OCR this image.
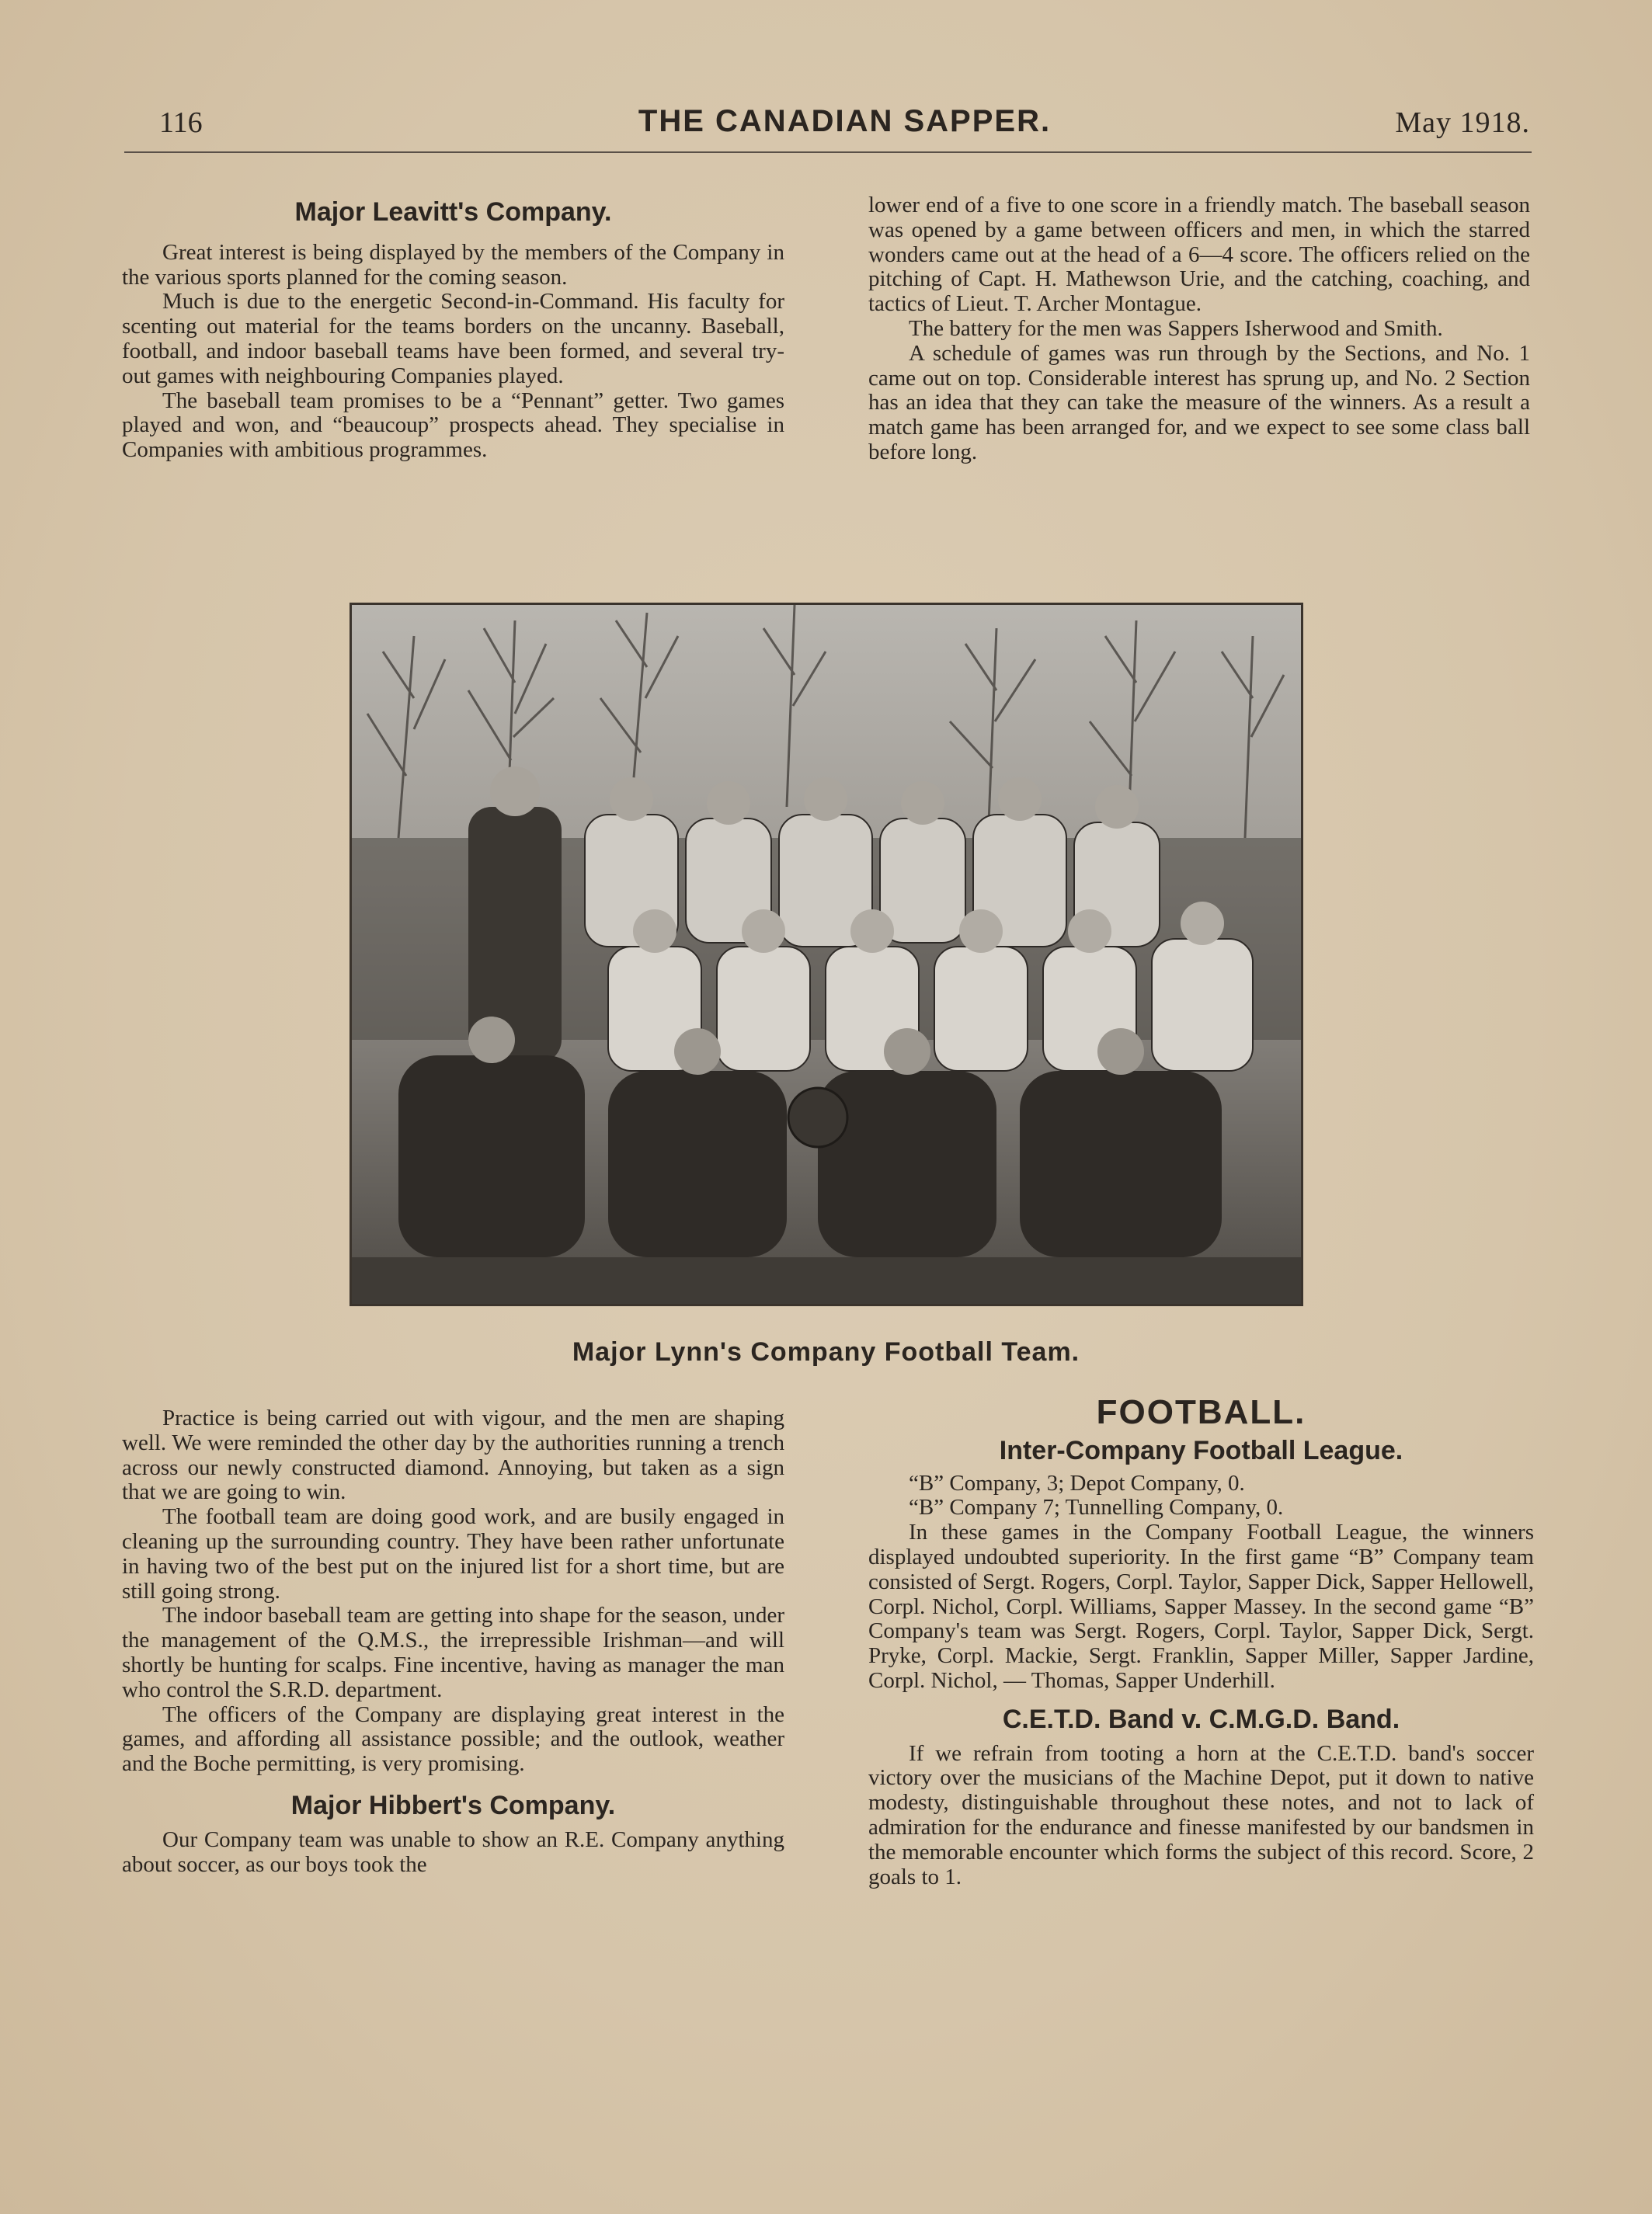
116	THE CANADIAN SAPPER.	May 1918.
Major Leavitt's Company.

Great interest is being displayed by the members of the Company in the various sports planned for the coming season.

Much is due to the energetic Second-in-Command. His faculty for scenting out material for the teams borders on the uncanny. Baseball, football, and indoor baseball teams have been formed, and several try-out games with neighbouring Companies played.

The baseball team promises to be a “Pennant” getter. Two games played and won, and “beaucoup” prospects ahead. They specialise in Companies with ambitious programmes.

lower end of a five to one score in a friendly match. The baseball season was opened by a game between officers and men, in which the starred wonders came out at the head of a 6—4 score. The officers relied on the pitching of Capt. H. Mathewson Urie, and the catching, coaching, and tactics of Lieut. T. Archer Montague.

The battery for the men was Sappers Isherwood and Smith.

A schedule of games was run through by the Sections, and No. 1 came out on top. Considerable interest has sprung up, and No. 2 Section has an idea that they can take the measure of the winners. As a result a match game has been arranged for, and we expect to see some class ball before long.

Major Lynn's Company Football Team.

Practice is being carried out with vigour, and the men are shaping well. We were reminded the other day by the authorities running a trench across our newly constructed diamond. Annoying, but taken as a sign that we are going to win.

The football team are doing good work, and are busily engaged in cleaning up the surrounding country. They have been rather unfortunate in having two of the best put on the injured list for a short time, but are still going strong.

The indoor baseball team are getting into shape for the season, under the management of the Q.M.S., the irrepressible Irishman—and will shortly be hunting for scalps. Fine incentive, having as manager the man who control the S.R.D. department.

The officers of the Company are displaying great interest in the games, and affording all assistance possible; and the outlook, weather and the Boche permitting, is very promising.

Major Hibbert's Company.

Our Company team was unable to show an R.E. Company anything about soccer, as our boys took the

FOOTBALL.
Inter-Company Football League.

“B” Company, 3; Depot Company, 0.

“B” Company 7; Tunnelling Company, 0.

In these games in the Company Football League, the winners displayed undoubted superiority. In the first game “B” Company team consisted of Sergt. Rogers, Corpl. Taylor, Sapper Dick, Sapper Hellowell, Corpl. Nichol, Corpl. Williams, Sapper Massey. In the second game “B” Company's team was Sergt. Rogers, Corpl. Taylor, Sapper Dick, Sergt. Pryke, Corpl. Mackie, Sergt. Franklin, Sapper Miller, Sapper Jardine, Corpl. Nichol, — Thomas, Sapper Underhill.

C.E.T.D. Band v. C.M.G.D. Band.

If we refrain from tooting a horn at the C.E.T.D. band's soccer victory over the musicians of the Machine Depot, put it down to native modesty, distinguishable throughout these notes, and not to lack of admiration for the endurance and finesse manifested by our bandsmen in the memorable encounter which forms the subject of this record. Score, 2 goals to 1.
